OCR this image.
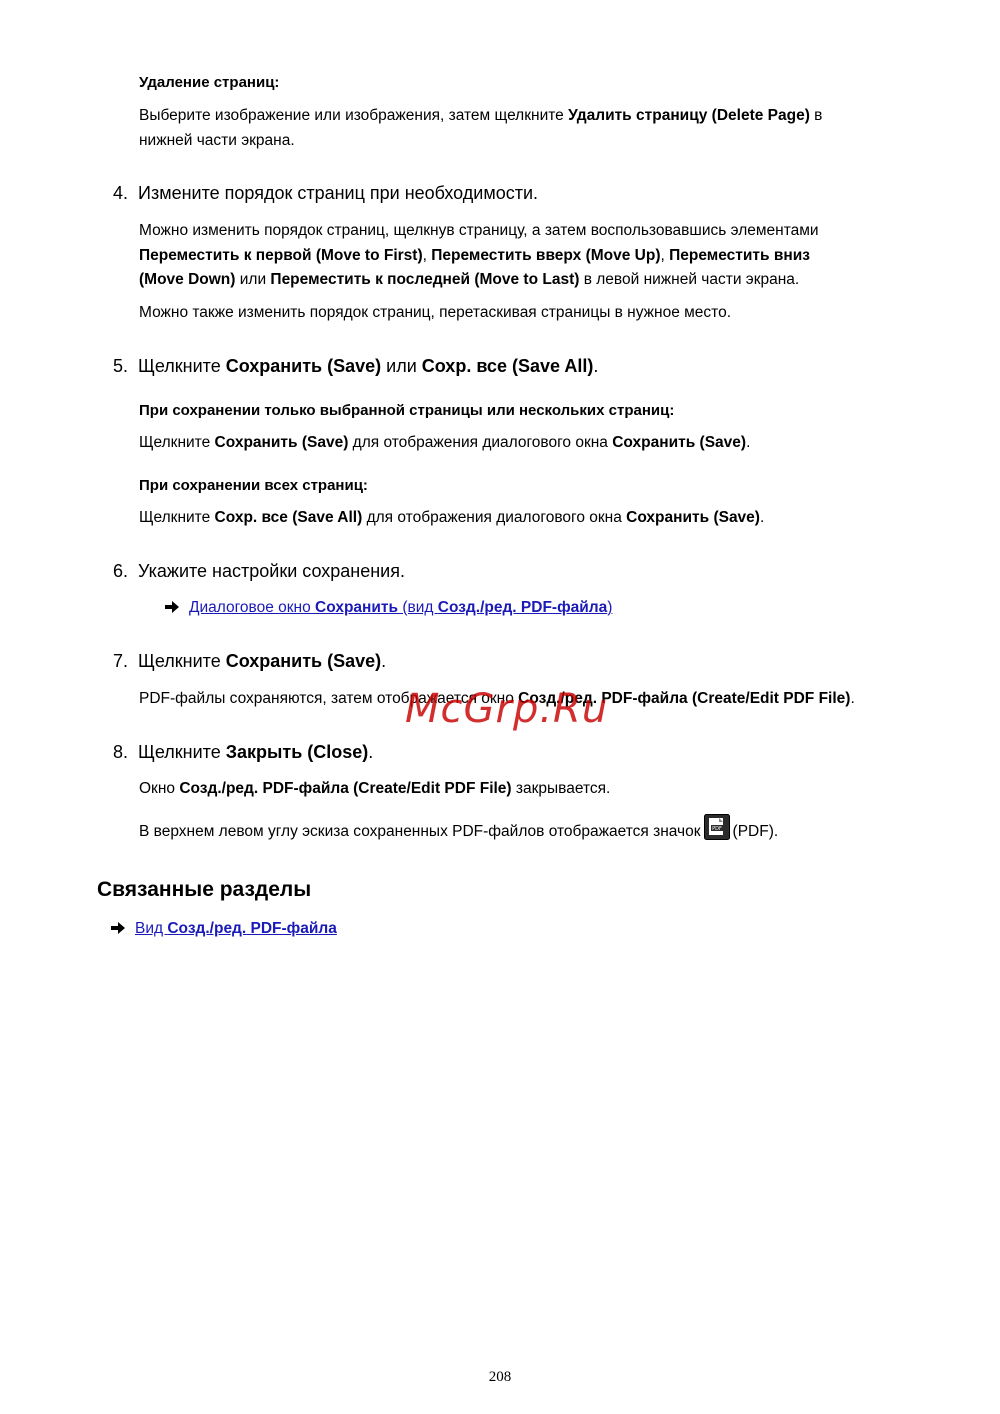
Удаление страниц:
Выберите изображение или изображения, затем щелкните Удалить страницу (Delete Page) в
нижней части экрана.
4. Измените порядок страниц при необходимости.
Можно изменить порядок страниц, щелкнув страницу, а затем воспользовавшись элементами
Переместить к первой (Move to First), Переместить вверх (Move Up), Переместить вниз
(Move Down) или Переместить к последней (Move to Last) в левой нижней части экрана.
Можно также изменить порядок страниц, перетаскивая страницы в нужное место.
5. Щелкните Сохранить (Save) или Сохр. все (Save All).
При сохранении только выбранной страницы или нескольких страниц:
Щелкните Сохранить (Save) для отображения диалогового окна Сохранить (Save).
При сохранении всех страниц:
Щелкните Сохр. все (Save All) для отображения диалогового окна Сохранить (Save).
6. Укажите настройки сохранения.
Диалоговое окно Сохранить (вид Созд./ред. PDF-файла)
7. Щелкните Сохранить (Save).
PDF-файлы сохраняются, затем отображается окно Созд./ред. PDF-файла (Create/Edit PDF File).
McGrp.Ru
8. Щелкните Закрыть (Close).
Окно Созд./ред. PDF-файла (Create/Edit PDF File) закрывается.
В верхнем левом углу эскиза сохраненных PDF-файлов отображается значок PDF (PDF).
Связанные разделы
Вид Созд./ред. PDF-файла
208
